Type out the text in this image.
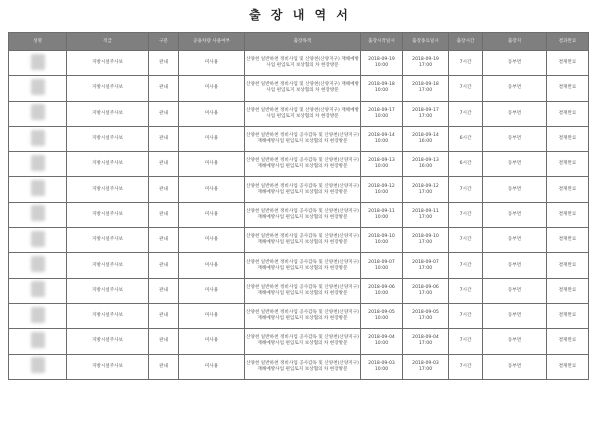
출 장 내 역 서
성명	직급	구분	공용차량 사용여부	출장목적	출장시작일시	출장종료일시	출장시간	출장지	결과완료
	지방시설주사보	관내	미사용	산양천 일반하천 정비사업 및 산양천(산양지구) 재해예방사업 편입토지 보상협의 차 현장방문	2018-09-19
10:00	2018-09-19
17:00	7시간	동부면	결재완료
	지방시설주사보	관내	미사용	산양천 일반하천 정비사업 및 산양천(산양지구) 재해예방사업 편입토지 보상협의 차 현장방문	2018-09-18
10:00	2018-09-18
17:00	7시간	동부면	결재완료
	지방시설주사보	관내	미사용	산양천 일반하천 정비사업 및 산양천(산양지구) 재해예방사업 편입토지 보상협의 차 현장방문	2018-09-17
10:00	2018-09-17
17:00	7시간	동부면	결재완료
	지방시설주사보	관내	미사용	산양천 일반하천 정비사업 공사감독 및 산양천(산양지구) 재해예방사업 편입토지 보상협의 차 현장방문	2018-09-14
10:00	2018-09-14
16:00	6시간	동부면	결재완료
	지방시설주사보	관내	미사용	산양천 일반하천 정비사업 공사감독 및 산양천(산양지구) 재해예방사업 편입토지 보상협의 차 현장방문	2018-09-13
10:00	2018-09-13
16:00	6시간	동부면	결재완료
	지방시설주사보	관내	미사용	산양천 일반하천 정비사업 공사감독 및 산양천(산양지구) 재해예방사업 편입토지 보상협의 차 현장방문	2018-09-12
10:00	2018-09-12
17:00	7시간	동부면	결재완료
	지방시설주사보	관내	미사용	산양천 일반하천 정비사업 공사감독 및 산양천(산양지구) 재해예방사업 편입토지 보상협의 차 현장방문	2018-09-11
10:00	2018-09-11
17:00	7시간	동부면	결재완료
	지방시설주사보	관내	미사용	산양천 일반하천 정비사업 공사감독 및 산양천(산양지구) 재해예방사업 편입토지 보상협의 차 현장방문	2018-09-10
10:00	2018-09-10
17:00	7시간	동부면	결재완료
	지방시설주사보	관내	미사용	산양천 일반하천 정비사업 공사감독 및 산양천(산양지구) 재해예방사업 편입토지 보상협의 차 현장방문	2018-09-07
10:00	2018-09-07
17:00	7시간	동부면	결재완료
	지방시설주사보	관내	미사용	산양천 일반하천 정비사업 공사감독 및 산양천(산양지구) 재해예방사업 편입토지 보상협의 차 현장방문	2018-09-06
10:00	2018-09-06
17:00	7시간	동부면	결재완료
	지방시설주사보	관내	미사용	산양천 일반하천 정비사업 공사감독 및 산양천(산양지구) 재해예방사업 편입토지 보상협의 차 현장방문	2018-09-05
10:00	2018-09-05
17:00	7시간	동부면	결재완료
	지방시설주사보	관내	미사용	산양천 일반하천 정비사업 공사감독 및 산양천(산양지구) 재해예방사업 편입토지 보상협의 차 현장방문	2018-09-04
10:00	2018-09-04
17:00	7시간	동부면	결재완료
	지방시설주사보	관내	미사용	산양천 일반하천 정비사업 공사감독 및 산양천(산양지구) 재해예방사업 편입토지 보상협의 차 현장방문	2018-09-03
10:00	2018-09-03
17:00	7시간	동부면	결재완료
